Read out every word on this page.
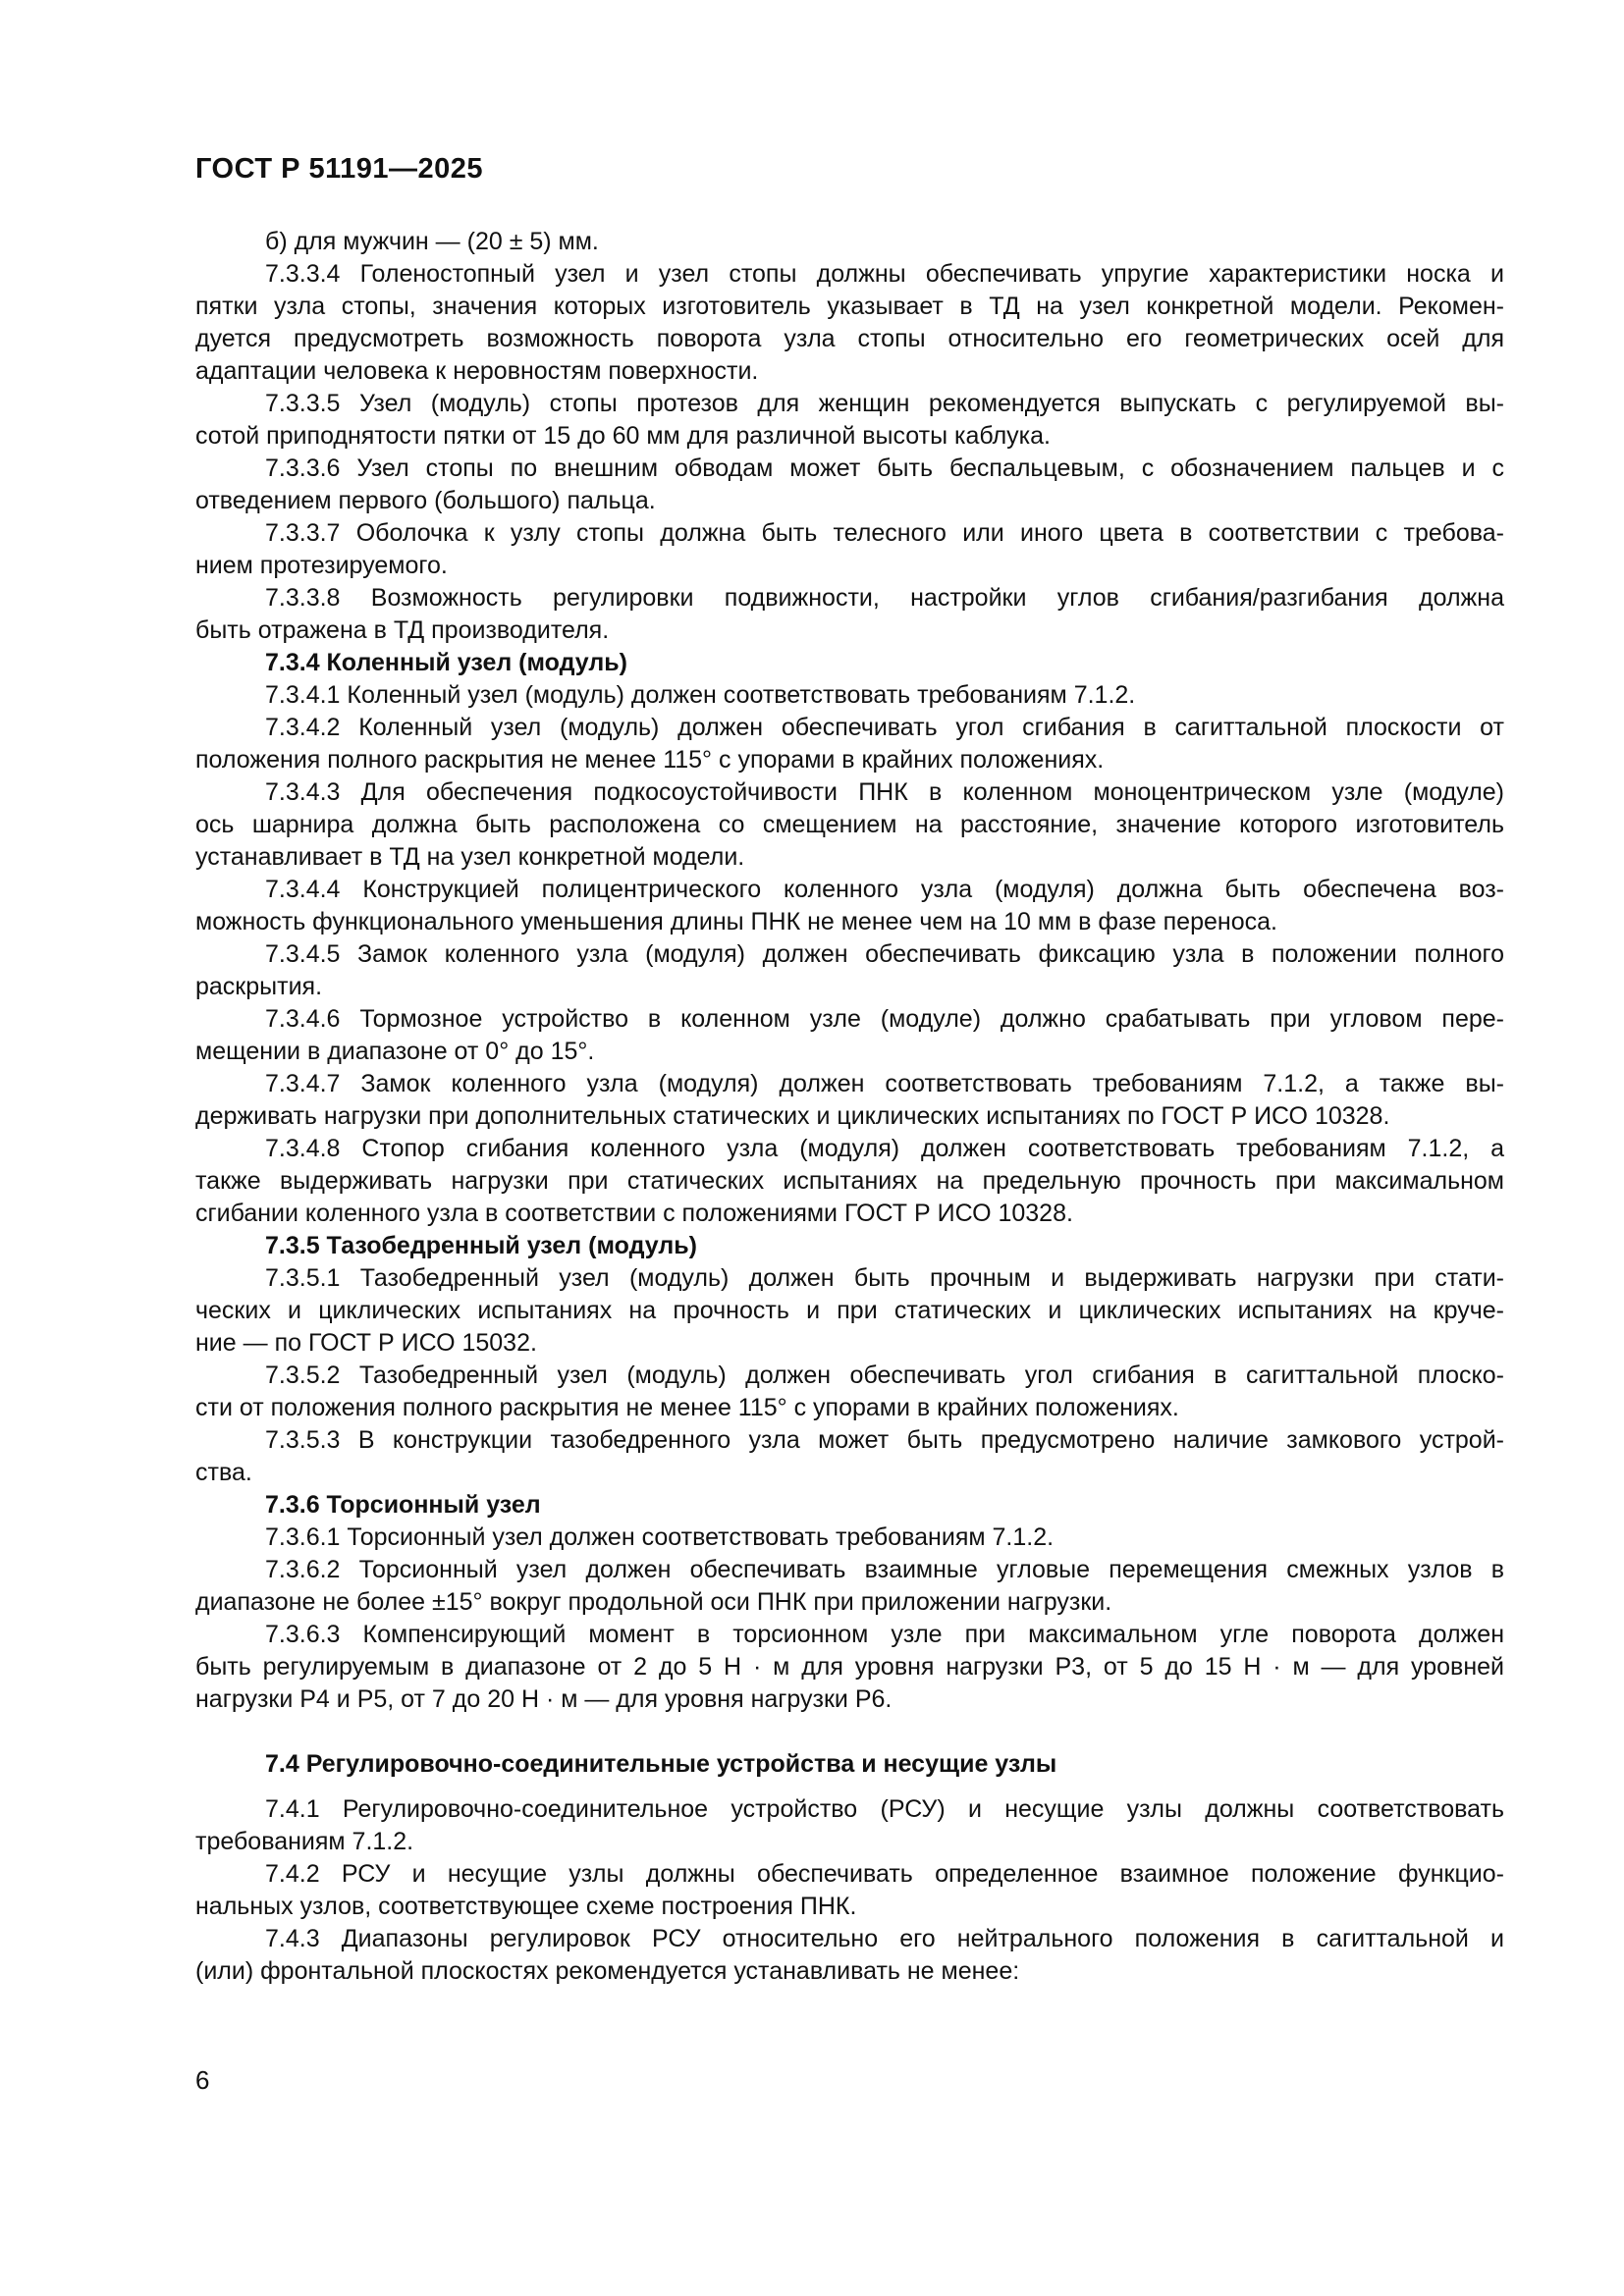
ГОСТ Р 51191—2025
б) для мужчин — (20 ± 5) мм.
7.3.3.4 Голеностопный узел и узел стопы должны обеспечивать упругие характеристики носка и
пятки узла стопы, значения которых изготовитель указывает в ТД на узел конкретной модели. Рекомен-
дуется предусмотреть возможность поворота узла стопы относительно его геометрических осей для
адаптации человека к неровностям поверхности.
7.3.3.5 Узел (модуль) стопы протезов для женщин рекомендуется выпускать с регулируемой вы-
сотой приподнятости пятки от 15 до 60 мм для различной высоты каблука.
7.3.3.6 Узел стопы по внешним обводам может быть беспальцевым, с обозначением пальцев и с
отведением первого (большого) пальца.
7.3.3.7 Оболочка к узлу стопы должна быть телесного или иного цвета в соответствии с требова-
нием протезируемого.
7.3.3.8 Возможность регулировки подвижности, настройки углов сгибания/разгибания должна
быть отражена в ТД производителя.
7.3.4 Коленный узел (модуль)
7.3.4.1 Коленный узел (модуль) должен соответствовать требованиям 7.1.2.
7.3.4.2 Коленный узел (модуль) должен обеспечивать угол сгибания в сагиттальной плоскости от
положения полного раскрытия не менее 115° с упорами в крайних положениях.
7.3.4.3 Для обеспечения подкосоустойчивости ПНК в коленном моноцентрическом узле (модуле)
ось шарнира должна быть расположена со смещением на расстояние, значение которого изготовитель
устанавливает в ТД на узел конкретной модели.
7.3.4.4 Конструкцией полицентрического коленного узла (модуля) должна быть обеспечена воз-
можность функционального уменьшения длины ПНК не менее чем на 10 мм в фазе переноса.
7.3.4.5 Замок коленного узла (модуля) должен обеспечивать фиксацию узла в положении полного
раскрытия.
7.3.4.6 Тормозное устройство в коленном узле (модуле) должно срабатывать при угловом пере-
мещении в диапазоне от 0° до 15°.
7.3.4.7 Замок коленного узла (модуля) должен соответствовать требованиям 7.1.2, а также вы-
держивать нагрузки при дополнительных статических и циклических испытаниях по ГОСТ Р ИСО 10328.
7.3.4.8 Стопор сгибания коленного узла (модуля) должен соответствовать требованиям 7.1.2, а
также выдерживать нагрузки при статических испытаниях на предельную прочность при максимальном
сгибании коленного узла в соответствии с положениями ГОСТ Р ИСО 10328.
7.3.5 Тазобедренный узел (модуль)
7.3.5.1 Тазобедренный узел (модуль) должен быть прочным и выдерживать нагрузки при стати-
ческих и циклических испытаниях на прочность и при статических и циклических испытаниях на круче-
ние — по ГОСТ Р ИСО 15032.
7.3.5.2 Тазобедренный узел (модуль) должен обеспечивать угол сгибания в сагиттальной плоско-
сти от положения полного раскрытия не менее 115° с упорами в крайних положениях.
7.3.5.3 В конструкции тазобедренного узла может быть предусмотрено наличие замкового устрой-
ства.
7.3.6 Торсионный узел
7.3.6.1 Торсионный узел должен соответствовать требованиям 7.1.2.
7.3.6.2 Торсионный узел должен обеспечивать взаимные угловые перемещения смежных узлов в
диапазоне не более ±15° вокруг продольной оси ПНК при приложении нагрузки.
7.3.6.3 Компенсирующий момент в торсионном узле при максимальном угле поворота должен
быть регулируемым в диапазоне от 2 до 5 Н · м для уровня нагрузки Р3, от 5 до 15 Н · м — для уровней
нагрузки Р4 и Р5, от 7 до 20 Н · м — для уровня нагрузки Р6.
7.4 Регулировочно-соединительные устройства и несущие узлы
7.4.1 Регулировочно-соединительное устройство (РСУ) и несущие узлы должны соответствовать
требованиям 7.1.2.
7.4.2 РСУ и несущие узлы должны обеспечивать определенное взаимное положение функцио-
нальных узлов, соответствующее схеме построения ПНК.
7.4.3 Диапазоны регулировок РСУ относительно его нейтрального положения в сагиттальной и
(или) фронтальной плоскостях рекомендуется устанавливать не менее:
6
